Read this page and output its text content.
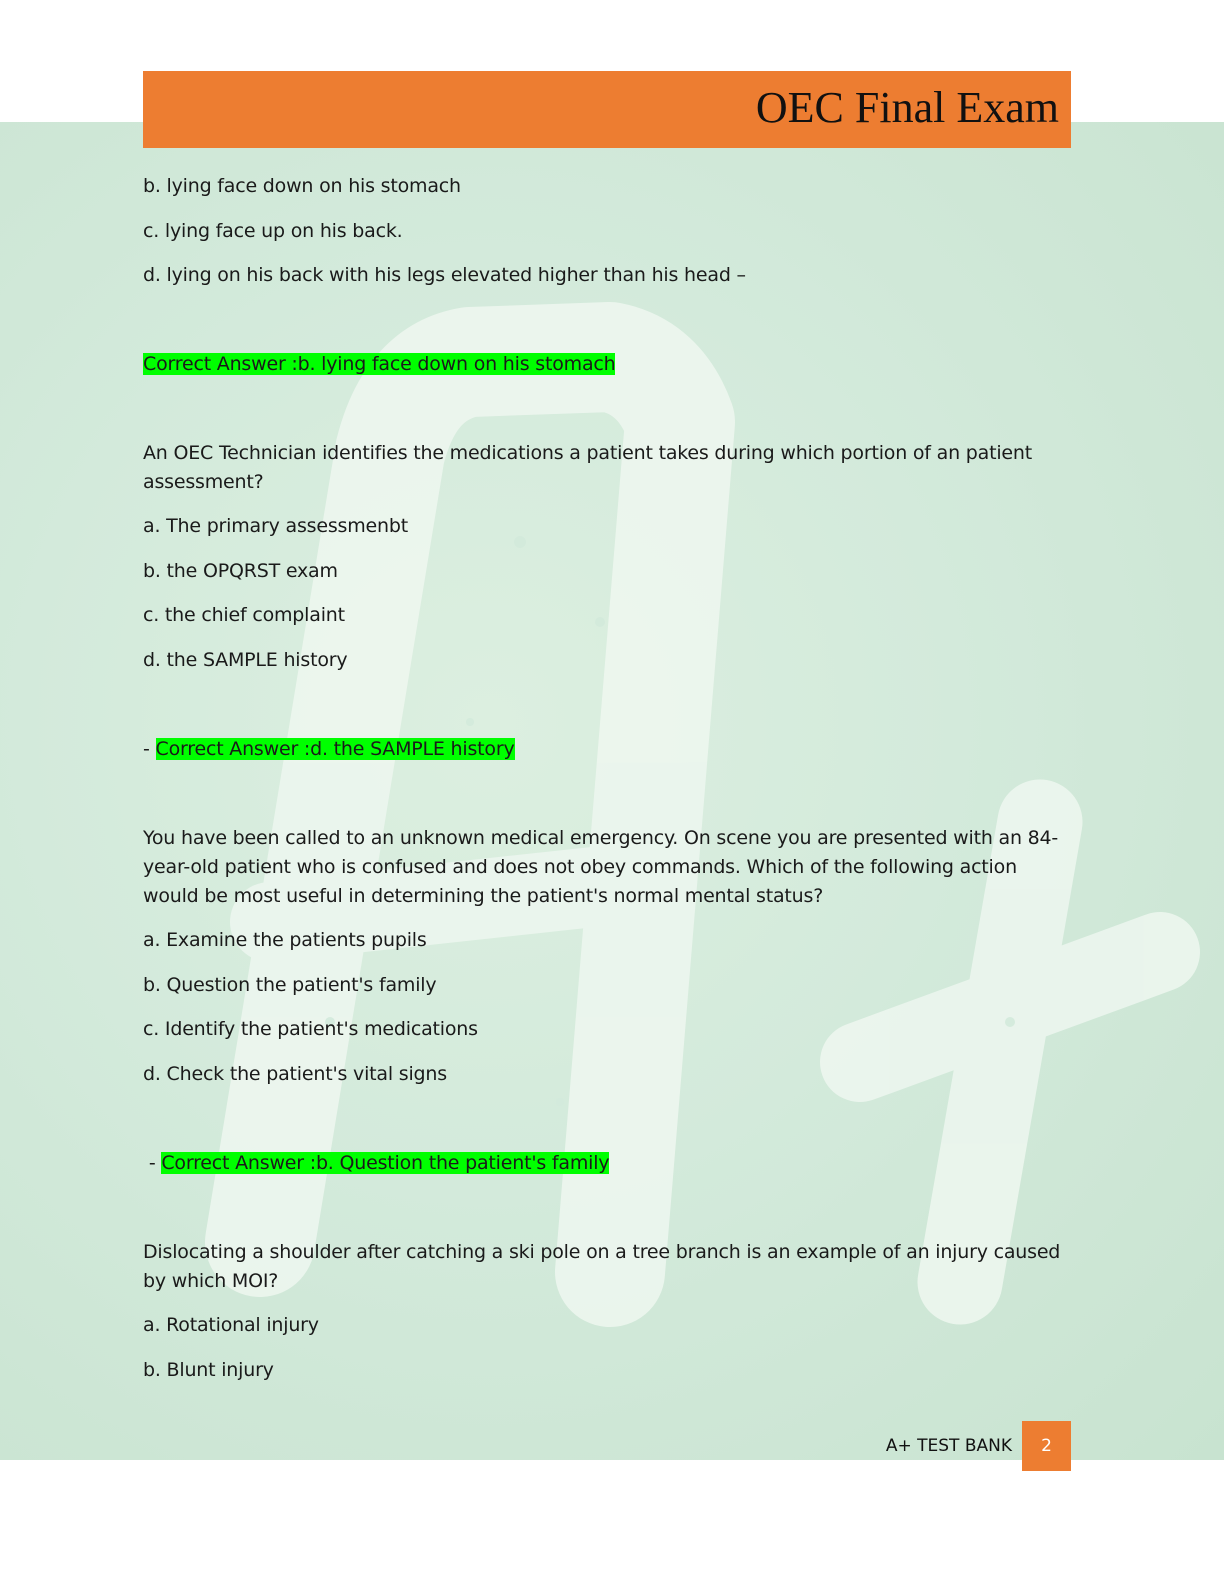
OEC Final Exam
b. lying face down on his stomach
c. lying face up on his back.
d. lying on his back with his legs elevated higher than his head –
Correct Answer :b. lying face down on his stomach
An OEC Technician identifies the medications a patient takes during which portion of an patient assessment?
a. The primary assessmenbt
b. the OPQRST exam
c. the chief complaint
d. the SAMPLE history
- Correct Answer :d. the SAMPLE history
You have been called to an unknown medical emergency. On scene you are presented with an 84-year-old patient who is confused and does not obey commands. Which of the following action would be most useful in determining the patient's normal mental status?
a. Examine the patients pupils
b. Question the patient's family
c. Identify the patient's medications
d. Check the patient's vital signs
- Correct Answer :b. Question the patient's family
Dislocating a shoulder after catching a ski pole on a tree branch is an example of an injury caused by which MOI?
a. Rotational injury
b. Blunt injury
A+ TEST BANK	2
